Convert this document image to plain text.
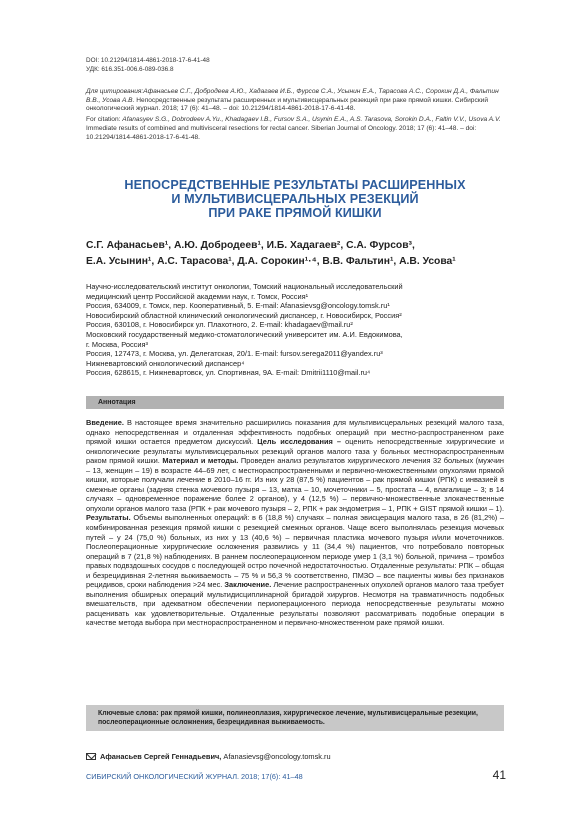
DOI: 10.21294/1814-4861-2018-17-6-41-48
УДК: 616.351-006.6-089-036.8

Для цитирования:Афанасьев С.Г., Добродеев А.Ю., Хадагаев И.Б., Фурсов С.А., Усынин Е.А., Тарасова А.С., Сорокин Д.А., Фальтин В.В., Усова А.В. Непосредственные результаты расширенных и мультивисцеральных резекций при раке прямой кишки. Сибирский онкологический журнал. 2018; 17 (6): 41–48. – doi: 10.21294/1814-4861-2018-17-6-41-48.

For citation: Afanasyev S.G., Dobrodeev A.Yu., Khadagaev I.B., Fursov S.A., Usynin E.A., A.S. Tarasova, Sorokin D.A., Faltin V.V., Usova A.V. Immediate results of combined and multivisceral resections for rectal cancer. Siberian Journal of Oncology. 2018; 17 (6): 41–48. – doi: 10.21294/1814-4861-2018-17-6-41-48.

НЕПОСРЕДСТВЕННЫЕ РЕЗУЛЬТАТЫ РАСШИРЕННЫХ
И МУЛЬТИВИСЦЕРАЛЬНЫХ РЕЗЕКЦИЙ
ПРИ РАКЕ ПРЯМОЙ КИШКИ
С.Г. Афанасьев¹, А.Ю. Добродеев¹, И.Б. Хадагаев², С.А. Фурсов³,
Е.А. Усынин¹, А.С. Тарасова¹, Д.А. Сорокин¹·⁴, В.В. Фальтин¹, А.В. Усова¹
Научно-исследовательский институт онкологии, Томский национальный исследовательский
медицинский центр Российской академии наук, г. Томск, Россия¹
Россия, 634009, г. Томск, пер. Кооперативный, 5. E-mail: Afanasievsg@oncology.tomsk.ru¹
Новосибирский областной клинический онкологический диспансер, г. Новосибирск, Россия²
Россия, 630108, г. Новосибирск ул. Плахотного, 2. E-mail: khadagaev@mail.ru²
Московский государственный медико-стоматологический университет им. А.И. Евдокимова,
г. Москва, Россия³
Россия, 127473, г. Москва, ул. Делегатская, 20/1. E-mail: fursov.serega2011@yandex.ru³
Нижневартовский онкологический диспансер⁴
Россия, 628615, г. Нижневартовск, ул. Спортивная, 9А. E-mail: Dmitrii1110@mail.ru⁴
Аннотация
Введение. В настоящее время значительно расширились показания для мультивисцеральных резекций малого таза, однако непосредственная и отдаленная эффективность подобных операций при местно-распространенном раке прямой кишки остается предметом дискуссий. Цель исследования – оценить непосредственные хирургические и онкологические результаты мультивисцеральных резекций органов малого таза у больных местнораспространенным раком прямой кишки. Материал и методы. Проведен анализ результатов хирургического лечения 32 больных (мужчин – 13, женщин – 19) в возрасте 44–69 лет, с местнораспространенными и первично-множественными опухолями прямой кишки, которые получали лечение в 2010–16 гг. Из них у 28 (87,5 %) пациентов – рак прямой кишки (РПК) с инвазией в смежные органы (задняя стенка мочевого пузыря – 13, матка – 10, мочеточники – 5, простата – 4, влагалище – 3; в 14 случаях – одновременное поражение более 2 органов), у 4 (12,5 %) – первично-множественные злокачественные опухоли органов малого таза (РПК + рак мочевого пузыря – 2, РПК + рак эндометрия – 1, РПК + GIST прямой кишки – 1). Результаты. Объемы выполненных операций: в 6 (18,8 %) случаях – полная эвисцерация малого таза, в 26 (81,2%) – комбинированная резекция прямой кишки с резекцией смежных органов. Чаще всего выполнялась резекция мочевых путей – у 24 (75,0 %) больных, из них у 13 (40,6 %) – первичная пластика мочевого пузыря и/или мочеточников. Послеоперационные хирургические осложнения развились у 11 (34,4 %) пациентов, что потребовало повторных операций в 7 (21,8 %) наблюдениях. В раннем послеоперационном периоде умер 1 (3,1 %) больной, причина – тромбоз правых подвздошных сосудов с последующей остро почечной недостаточностью. Отдаленные результаты: РПК – общая и безрецидивная 2-летняя выживаемость – 75 % и 56,3 % соответственно, ПМЗО – все пациенты живы без признаков рецидивов, сроки наблюдения >24 мес. Заключение. Лечение распространенных опухолей органов малого таза требует выполнения обширных операций мультидисциплинарной бригадой хирургов. Несмотря на травматичность подобных вмешательств, при адекватном обеспечении периоперационного периода непосредственные результаты можно расценивать как удовлетворительные. Отдаленные результаты позволяют рассматривать подобные операции в качестве метода выбора при местнораспространенном и первично-множественном раке прямой кишки.
Ключевые слова: рак прямой кишки, полинеоплазия, хирургическое лечение, мультивисцеральные резекции, послеоперационные осложнения, безрецидивная выживаемость.
Афанасьев Сергей Геннадьевич, Afanasievsg@oncology.tomsk.ru
СИБИРСКИЙ ОНКОЛОГИЧЕСКИЙ ЖУРНАЛ. 2018; 17(6): 41–48	41
